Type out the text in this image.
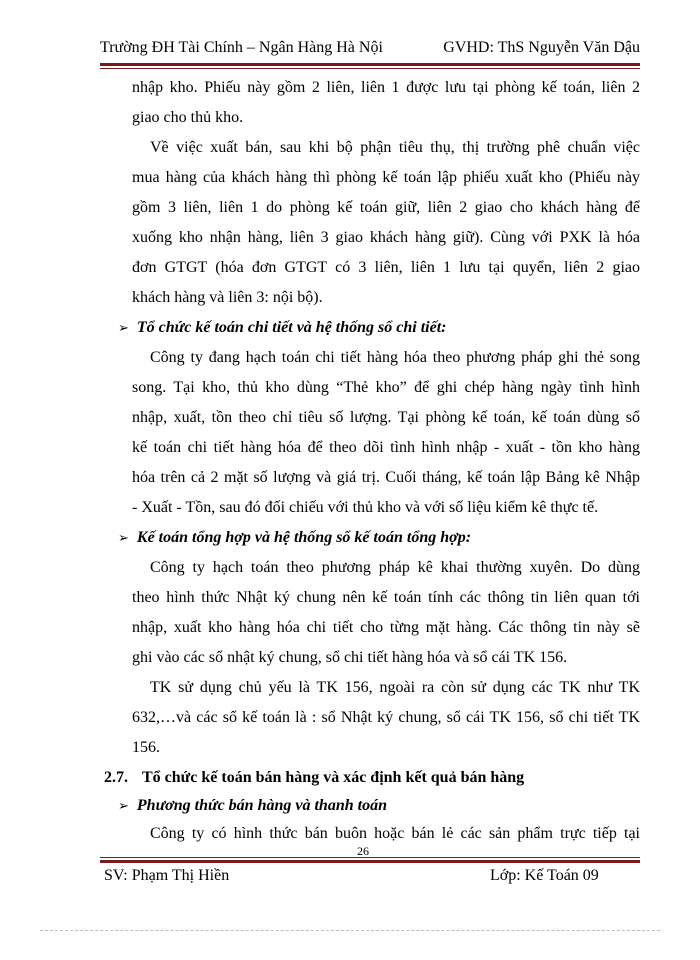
Trường ĐH Tài Chính – Ngân Hàng Hà Nội	GVHD: ThS Nguyễn Văn Dậu
nhập kho. Phiếu này gồm 2 liên, liên 1 được lưu tại phòng kế toán, liên 2
giao cho thủ kho.
Về việc xuất bán, sau khi bộ phận tiêu thụ, thị trường phê chuẩn việc
mua hàng của khách hàng thì phòng kế toán lập phiếu xuất kho (Phiếu này
gồm 3 liên, liên 1 do phòng kế toán giữ, liên 2 giao cho khách hàng để
xuống kho nhận hàng, liên 3 giao khách hàng giữ). Cùng với PXK là hóa
đơn GTGT (hóa đơn GTGT có 3 liên, liên 1 lưu tại quyển, liên 2 giao
khách hàng và liên 3: nội bộ).
➢ Tổ chức kế toán chi tiết và hệ thống sổ chi tiết:
Công ty đang hạch toán chi tiết hàng hóa theo phương pháp ghi thẻ song
song. Tại kho, thủ kho dùng “Thẻ kho” để ghi chép hàng ngày tình hình
nhập, xuất, tồn theo chỉ tiêu số lượng. Tại phòng kế toán, kế toán dùng sổ
kế toán chi tiết hàng hóa để theo dõi tình hình nhập - xuất - tồn kho hàng
hóa trên cả 2 mặt số lượng và giá trị. Cuối tháng, kế toán lập Bảng kê Nhập
- Xuất - Tồn, sau đó đối chiếu với thủ kho và với số liệu kiểm kê thực tế.
➢ Kế toán tổng hợp và hệ thống sổ kế toán tổng hợp:
Công ty hạch toán theo phương pháp kê khai thường xuyên. Do dùng
theo hình thức Nhật ký chung nên kế toán tính các thông tin liên quan tới
nhập, xuất kho hàng hóa chi tiết cho từng mặt hàng. Các thông tin này sẽ
ghi vào các sổ nhật ký chung, sổ chi tiết hàng hóa và sổ cái TK 156.
TK sử dụng chủ yếu là TK 156, ngoài ra còn sử dụng các TK như TK
632,…và các sổ kế toán là : sổ Nhật ký chung, sổ cái TK 156, sổ chi tiết TK
156.
2.7. Tổ chức kế toán bán hàng và xác định kết quả bán hàng
➢ Phương thức bán hàng và thanh toán
Công ty có hình thức bán buôn hoặc bán lẻ các sản phẩm trực tiếp tại
26
SV: Phạm Thị Hiền	Lớp: Kế Toán 09
